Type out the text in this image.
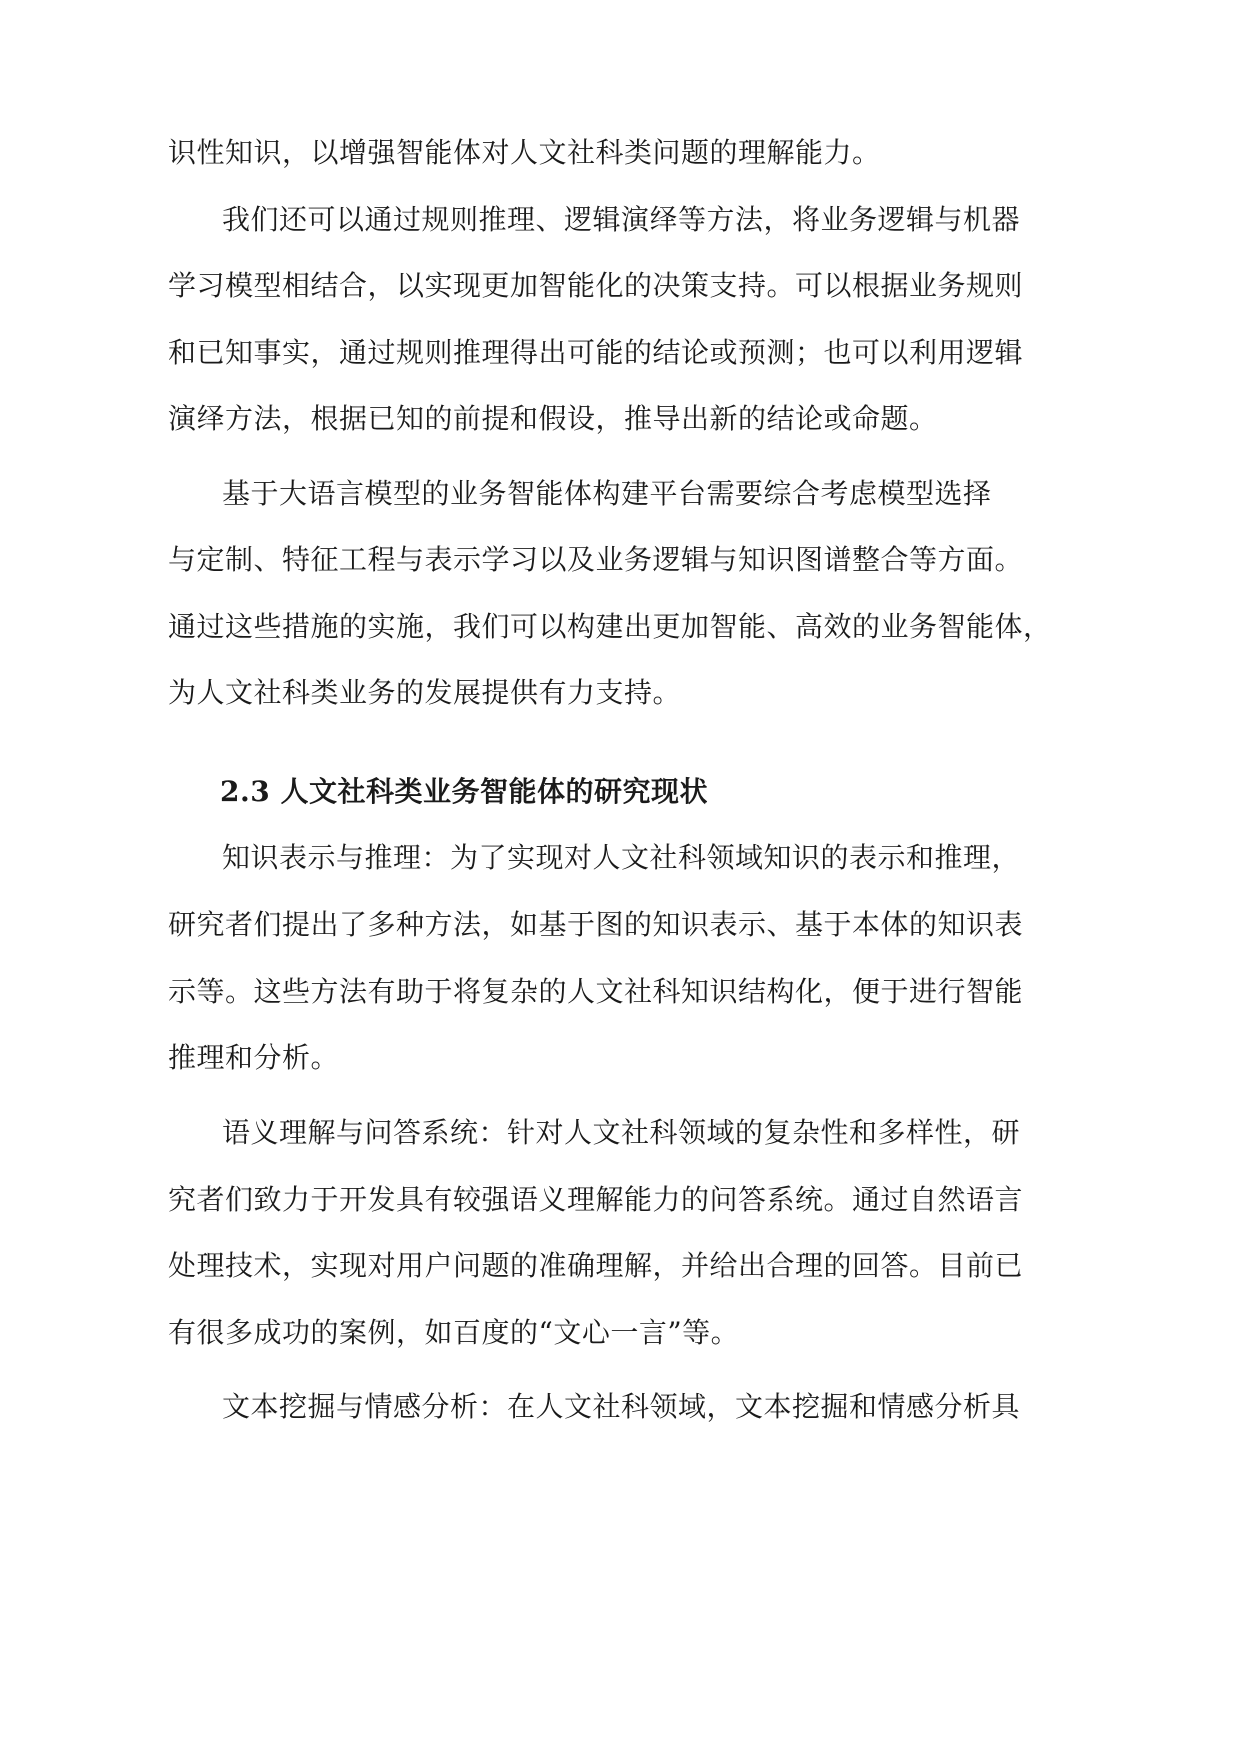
识性知识，以增强智能体对人文社科类问题的理解能力。
我们还可以通过规则推理、逻辑演绎等方法，将业务逻辑与机器
学习模型相结合，以实现更加智能化的决策支持。可以根据业务规则
和已知事实，通过规则推理得出可能的结论或预测；也可以利用逻辑
演绎方法，根据已知的前提和假设，推导出新的结论或命题。
基于大语言模型的业务智能体构建平台需要综合考虑模型选择
与定制、特征工程与表示学习以及业务逻辑与知识图谱整合等方面。
通过这些措施的实施，我们可以构建出更加智能、高效的业务智能体，
为人文社科类业务的发展提供有力支持。
2.3 人文社科类业务智能体的研究现状
知识表示与推理：为了实现对人文社科领域知识的表示和推理，
研究者们提出了多种方法，如基于图的知识表示、基于本体的知识表
示等。这些方法有助于将复杂的人文社科知识结构化，便于进行智能
推理和分析。
语义理解与问答系统：针对人文社科领域的复杂性和多样性，研
究者们致力于开发具有较强语义理解能力的问答系统。通过自然语言
处理技术，实现对用户问题的准确理解，并给出合理的回答。目前已
有很多成功的案例，如百度的“文心一言”等。
文本挖掘与情感分析：在人文社科领域，文本挖掘和情感分析具
